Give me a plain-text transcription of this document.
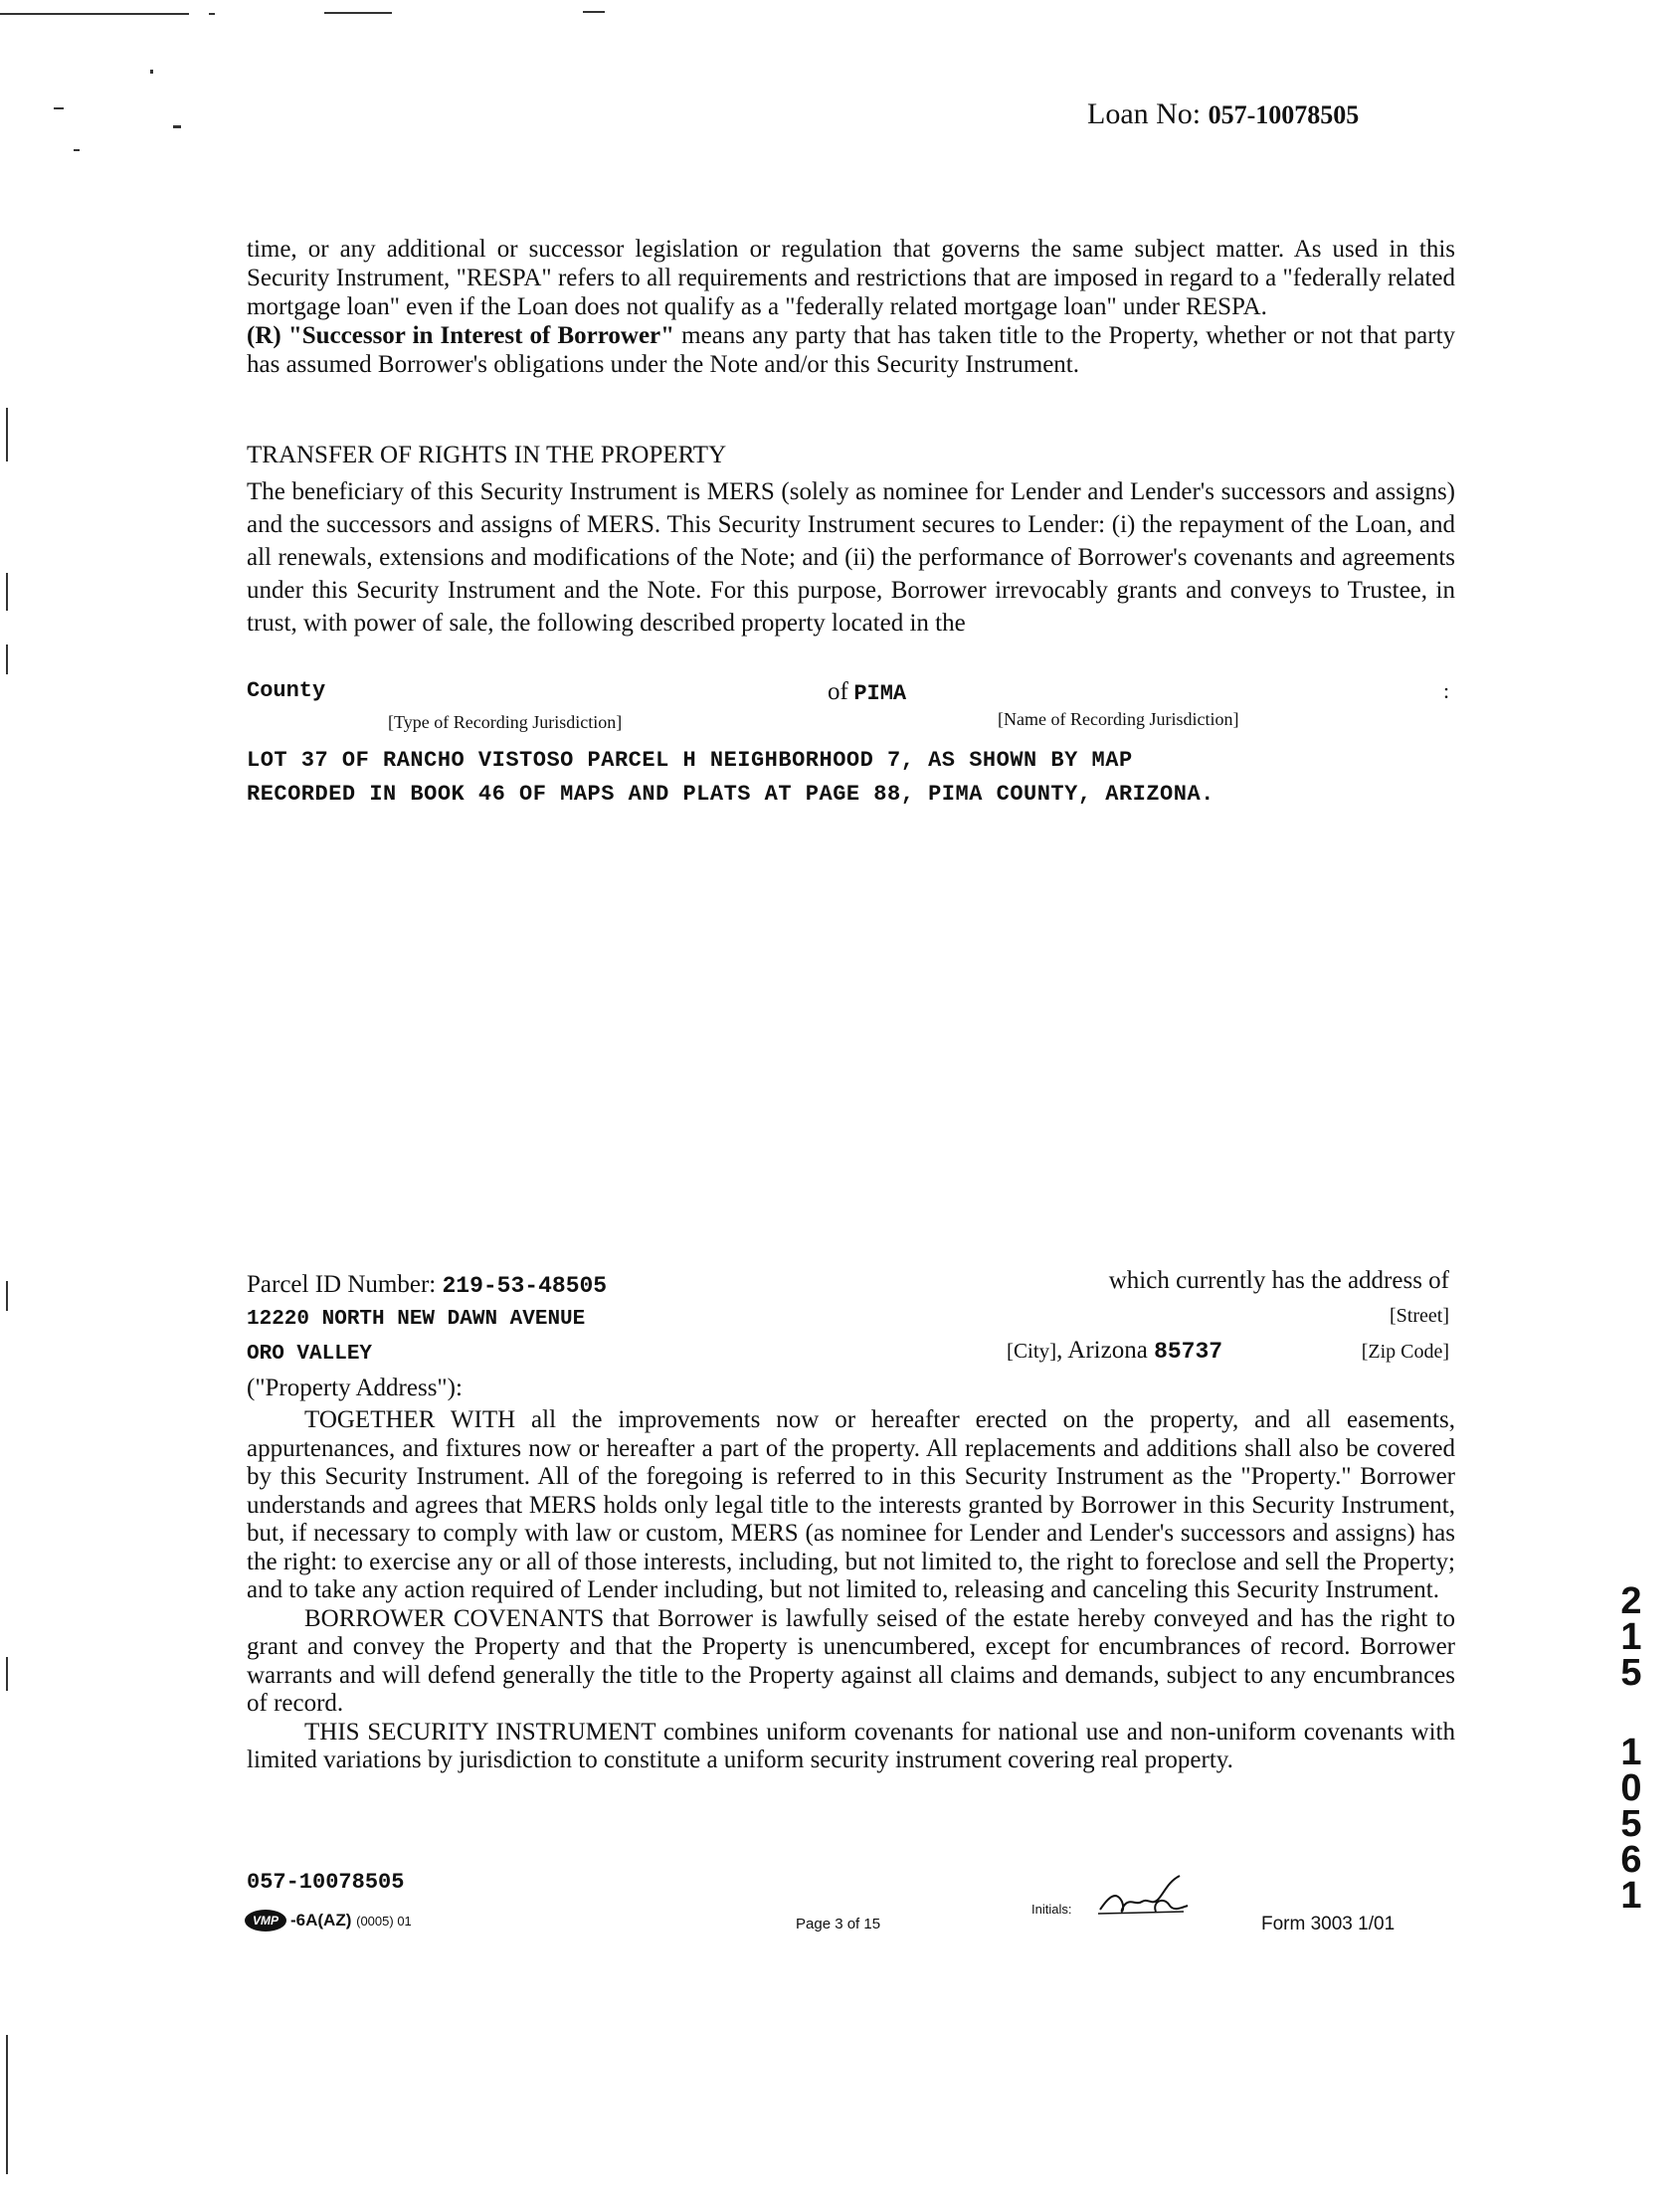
Loan No: 057-10078505

time, or any additional or successor legislation or regulation that governs the same subject matter. As used in this Security Instrument, "RESPA" refers to all requirements and restrictions that are imposed in regard to a "federally related mortgage loan" even if the Loan does not qualify as a "federally related mortgage loan" under RESPA.

(R) "Successor in Interest of Borrower" means any party that has taken title to the Property, whether or not that party has assumed Borrower's obligations under the Note and/or this Security Instrument.

TRANSFER OF RIGHTS IN THE PROPERTY

The beneficiary of this Security Instrument is MERS (solely as nominee for Lender and Lender's successors and assigns) and the successors and assigns of MERS. This Security Instrument secures to Lender: (i) the repayment of the Loan, and all renewals, extensions and modifications of the Note; and (ii) the performance of Borrower's covenants and agreements under this Security Instrument and the Note. For this purpose, Borrower irrevocably grants and conveys to Trustee, in trust, with power of sale, the following described property located in the

County	of PIMA	:
[Type of Recording Jurisdiction]	[Name of Recording Jurisdiction]
LOT 37 OF RANCHO VISTOSO PARCEL H NEIGHBORHOOD 7, AS SHOWN BY MAP
RECORDED IN BOOK 46 OF MAPS AND PLATS AT PAGE 88, PIMA COUNTY, ARIZONA.
Parcel ID Number: 219-53-48505	which currently has the address of
12220 NORTH NEW DAWN AVENUE	[Street]
ORO VALLEY	[City], Arizona 85737	[Zip Code]
("Property Address"):

TOGETHER WITH all the improvements now or hereafter erected on the property, and all easements, appurtenances, and fixtures now or hereafter a part of the property. All replacements and additions shall also be covered by this Security Instrument. All of the foregoing is referred to in this Security Instrument as the "Property." Borrower understands and agrees that MERS holds only legal title to the interests granted by Borrower in this Security Instrument, but, if necessary to comply with law or custom, MERS (as nominee for Lender and Lender's successors and assigns) has the right: to exercise any or all of those interests, including, but not limited to, the right to foreclose and sell the Property; and to take any action required of Lender including, but not limited to, releasing and canceling this Security Instrument.

BORROWER COVENANTS that Borrower is lawfully seised of the estate hereby conveyed and has the right to grant and convey the Property and that the Property is unencumbered, except for encumbrances of record. Borrower warrants and will defend generally the title to the Property against all claims and demands, subject to any encumbrances of record.

THIS SECURITY INSTRUMENT combines uniform covenants for national use and non-uniform covenants with limited variations by jurisdiction to constitute a uniform security instrument covering real property.

057-10078505
VMP -6A(AZ) (0005) 01	Page 3 of 15
Initials:
Form 3003 1/01
2
1
5
1
0
5
6
1
